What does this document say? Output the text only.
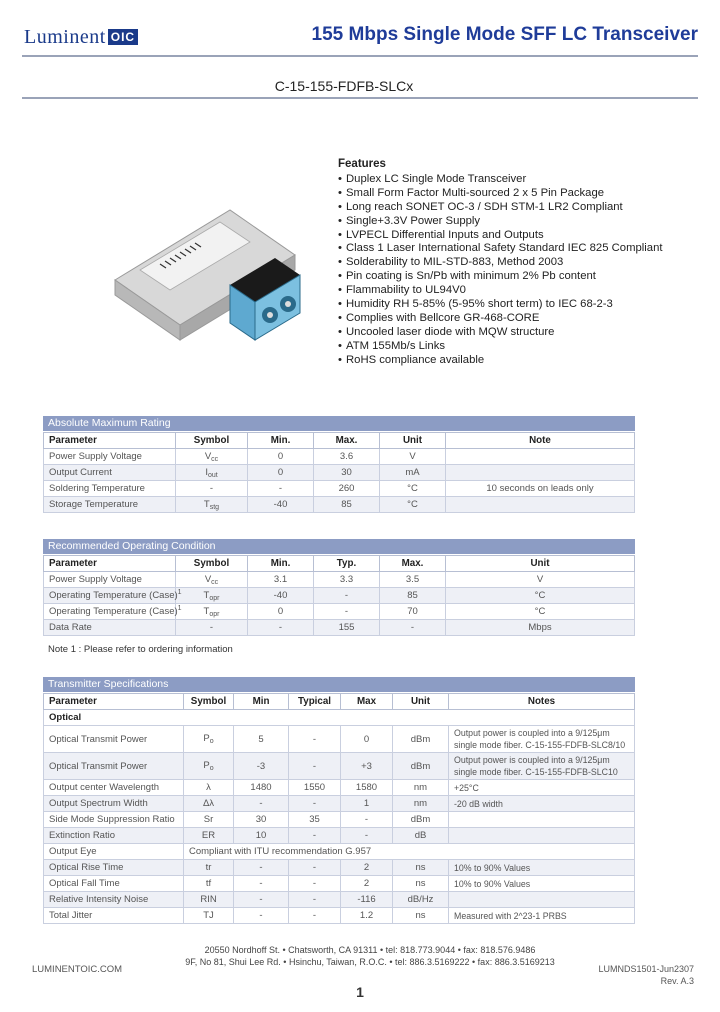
Luminent OIC	155 Mbps Single Mode SFF LC Transceiver
C-15-155-FDFB-SLCx
Features
• Duplex LC Single Mode Transceiver
• Small Form Factor Multi-sourced 2 x 5 Pin Package
• Long reach SONET OC-3 / SDH STM-1 LR2 Compliant
• Single+3.3V Power Supply
• LVPECL Differential Inputs and Outputs
• Class 1 Laser International Safety Standard IEC 825 Compliant
• Solderability to MIL-STD-883, Method 2003
• Pin coating is Sn/Pb with minimum 2% Pb content
• Flammability to UL94V0
• Humidity RH 5-85% (5-95% short term) to IEC 68-2-3
• Complies with Bellcore GR-468-CORE
• Uncooled laser diode with MQW structure
• ATM 155Mb/s Links
• RoHS compliance available
Absolute Maximum Rating
Parameter	Symbol	Min.	Max.	Unit	Note
Power Supply Voltage	$V_{cc}$	0	3.6	V	
Output Current	$I_{out}$	0	30	mA	
Soldering Temperature	-	-	260	°C	10 seconds on leads only
Storage Temperature	$T_{stg}$	-40	85	°C	
Recommended Operating Condition
Parameter	Symbol	Min.	Typ.	Max.	Unit
Power Supply Voltage	$V_{cc}$	3.1	3.3	3.5	V
Operating Temperature (Case)$^1$	$T_{opr}$	-40	-	85	°C
Operating Temperature (Case)$^1$	$T_{opr}$	0	-	70	°C
Data Rate	-	-	155	-	Mbps
Note 1 : Please refer to ordering information
Transmitter Specifications
Parameter	Symbol	Min	Typical	Max	Unit	Notes
Optical						
Optical Transmit Power	$P_o$	5	-	0	dBm	Output power is coupled into a 9/125μm single mode fiber. C-15-155-FDFB-SLC8/10
Optical Transmit Power	$P_o$	-3	-	+3	dBm	Output power is coupled into a 9/125μm single mode fiber. C-15-155-FDFB-SLC10
Output center Wavelength	λ	1480	1550	1580	nm	+25°C
Output Spectrum Width	Δλ	-	-	1	nm	-20 dB width
Side Mode Suppression Ratio	Sr	30	35	-	dBm	
Extinction Ratio	ER	10	-	-	dB	
Output Eye	Compliant with ITU recommendation G.957					
Optical Rise Time	tr	-	-	2	ns	10% to 90% Values
Optical Fall Time	tf	-	-	2	ns	10% to 90% Values
Relative Intensity Noise	RIN	-	-	-116	dB/Hz	
Total Jitter	TJ	-	-	1.2	ns	Measured with 2^23-1 PRBS
LUMINENTOIC.COM
20550 Nordhoff St. • Chatsworth, CA 91311 • tel: 818.773.9044 • fax: 818.576.9486
9F, No 81, Shui Lee Rd. • Hsinchu, Taiwan, R.O.C. • tel: 886.3.5169222 • fax: 886.3.5169213
LUMNDS1501-Jun2307
Rev. A.3
1
